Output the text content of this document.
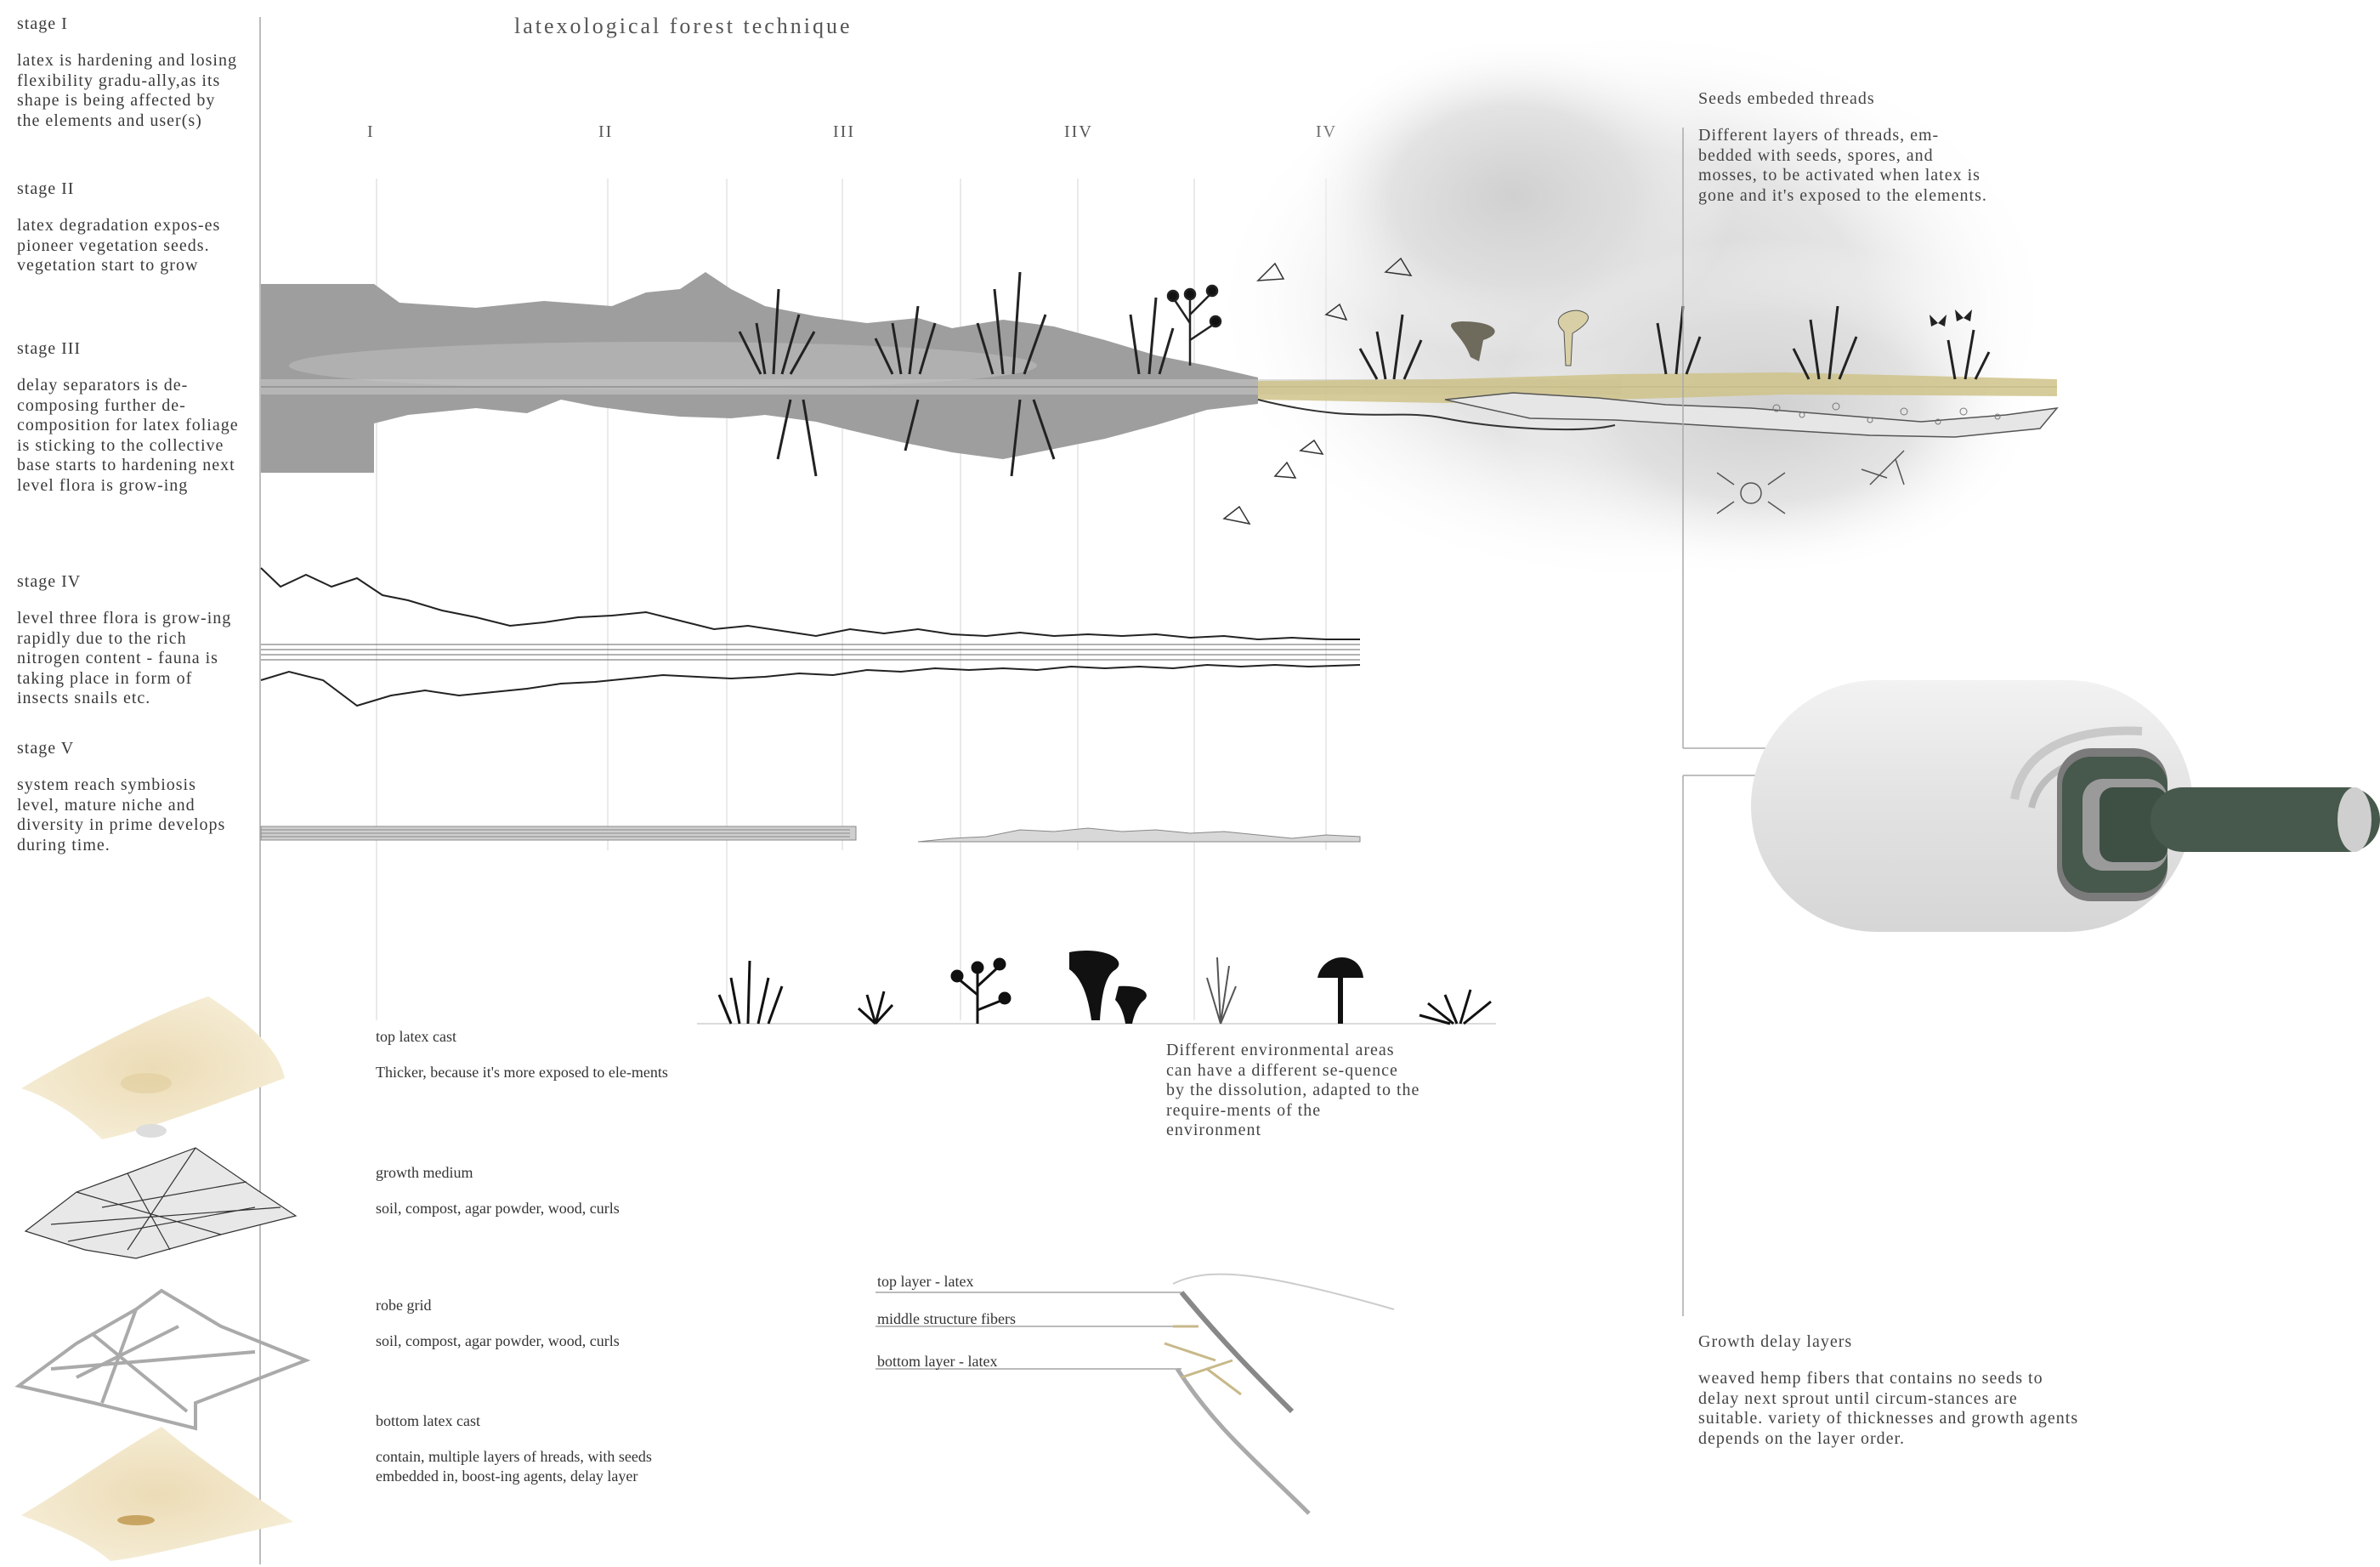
stage I
latex is hardening and losing flexibility gradu-ally,as its shape is being affected by the elements and user(s)
stage II
latex degradation expos-es pioneer vegetation seeds. vegetation start to grow
stage III
delay separators is de-composing further de-composition for latex foliage is sticking to the collective base starts to hardening next level flora is grow-ing
stage IV
level three flora is grow-ing rapidly due to the rich nitrogen content - fauna is taking place in form of insects snails etc.
stage V
system reach symbiosis level, mature niche and diversity in prime develops during time.
latexological forest technique
I	II	III	IIV
Seeds embeded threads
Different layers of threads, em-bedded with seeds, spores, and mosses, to be activated when latex is gone and it's exposed to the elements.
Growth delay layers
weaved hemp fibers that contains no seeds to delay next sprout until circum-stances are suitable. variety of thicknesses and growth agents depends on the layer order.
Different environmental areas can have a different se-quence by the dissolution, adapted to the require-ments of the environment
top latex cast
Thicker, because it's more exposed to ele-ments
growth medium
soil, compost, agar powder, wood, curls
robe grid
soil, compost, agar powder, wood, curls
bottom latex cast
contain, multiple layers of hreads, with seeds embedded in, boost-ing agents, delay layer
top layer - latex
middle structure fibers
bottom layer - latex
